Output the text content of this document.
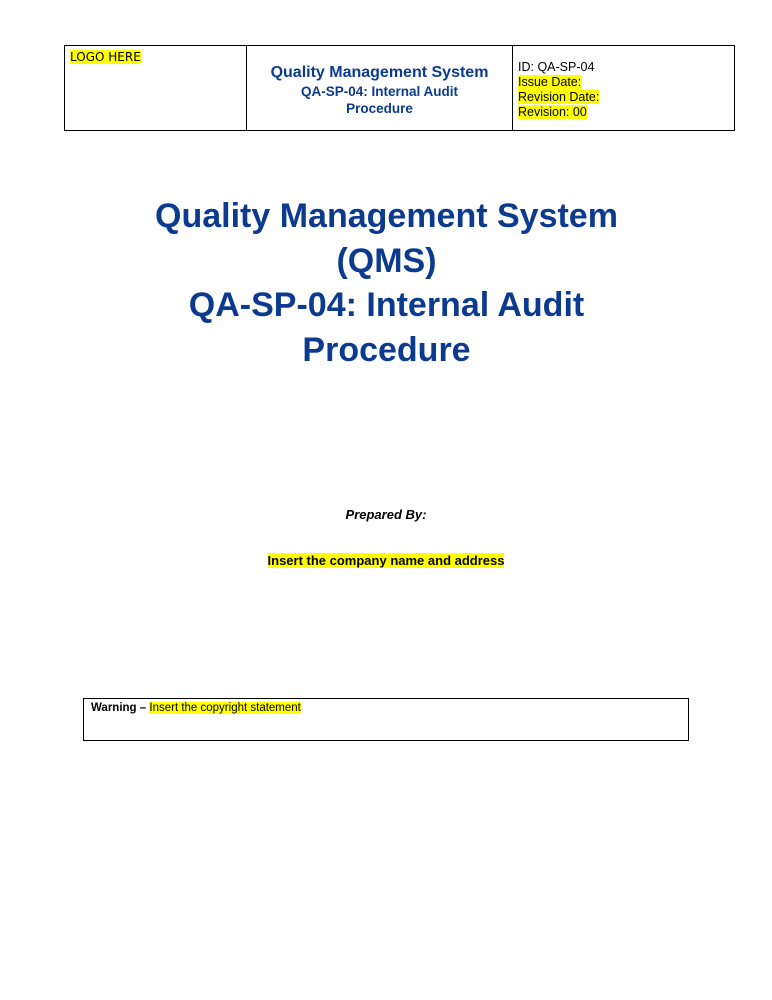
LOGO HERE
Quality Management System
QA-SP-04: Internal Audit Procedure
ID: QA-SP-04
Issue Date:
Revision Date:
Revision: 00
Quality Management System
(QMS)
QA-SP-04: Internal Audit
Procedure
Prepared By:
Insert the company name and address
Warning – Insert the copyright statement
